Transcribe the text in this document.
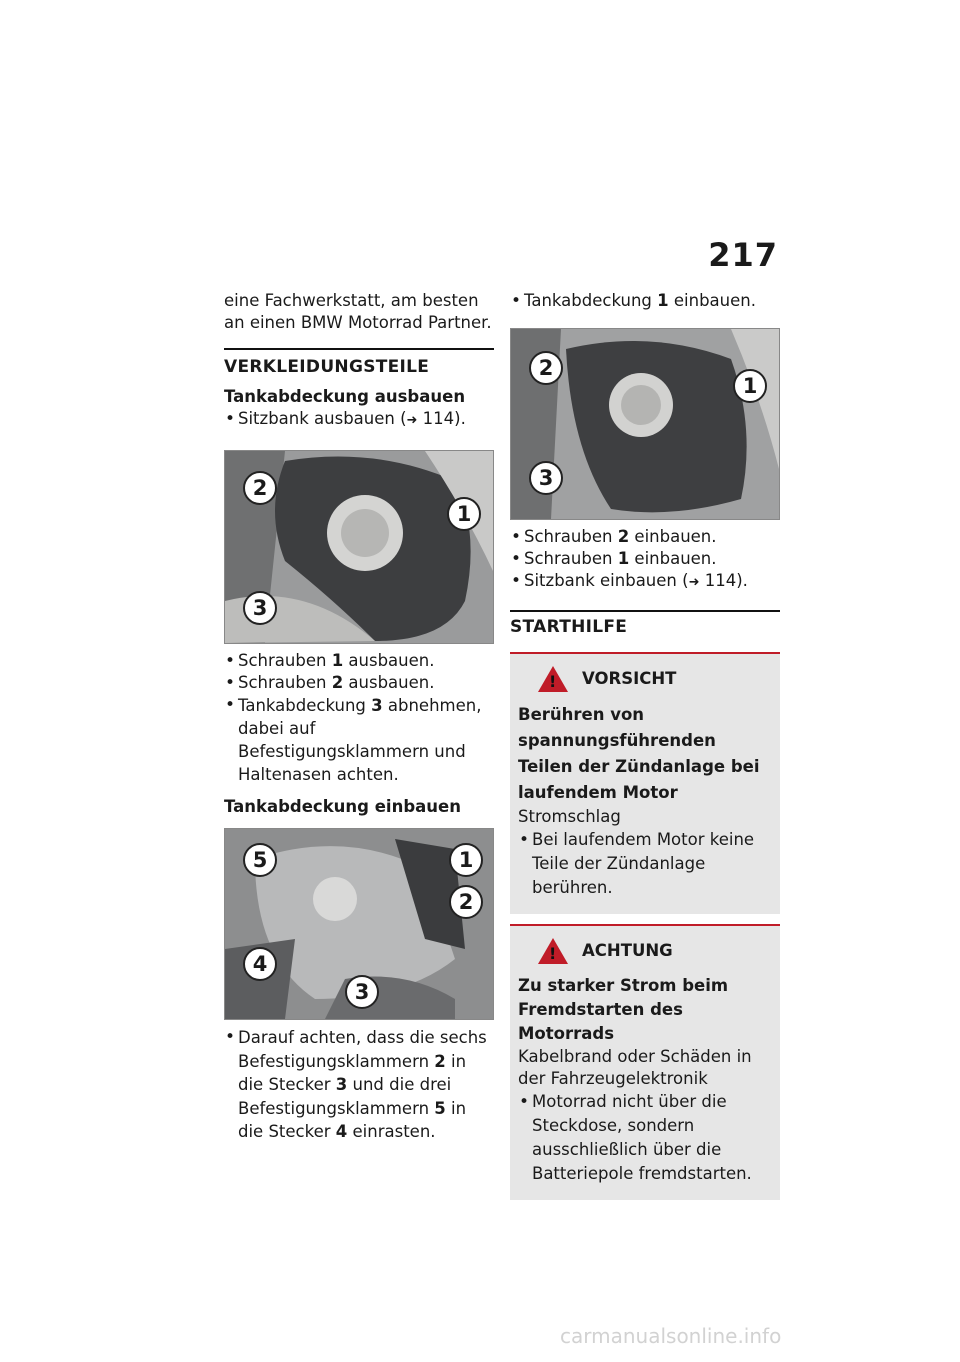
217

eine Fachwerkstatt, am besten an einen BMW Motorrad Partner.

VERKLEIDUNGSTEILE

Tankabdeckung ausbauen

• Sitzbank ausbauen (➜ 114).
2
1
3
• Schrauben 1 ausbauen.
• Schrauben 2 ausbauen.
• Tankabdeckung 3 abnehmen, dabei auf Befestigungsklammern und Haltenasen achten.

Tankabdeckung einbauen

5	1
2
4
3
• Darauf achten, dass die sechs Befestigungsklammern 2 in die Stecker 3 und die drei Befestigungsklammern 5 in die Stecker 4 einrasten.
• Tankabdeckung 1 einbauen.
2
1
3
• Schrauben 2 einbauen.
• Schrauben 1 einbauen.
• Sitzbank einbauen (➜ 114).
STARTHILFE
! VORSICHT

Berühren von spannungsführenden Teilen der Zündanlage bei laufendem Motor

Stromschlag

• Bei laufendem Motor keine Teile der Zündanlage berühren.
! ACHTUNG

Zu starker Strom beim Fremdstarten des Motorrads

Kabelbrand oder Schäden in der Fahrzeugelektronik

• Motorrad nicht über die Steckdose, sondern ausschließlich über die Batteriepole fremdstarten.
carmanualsonline.info
